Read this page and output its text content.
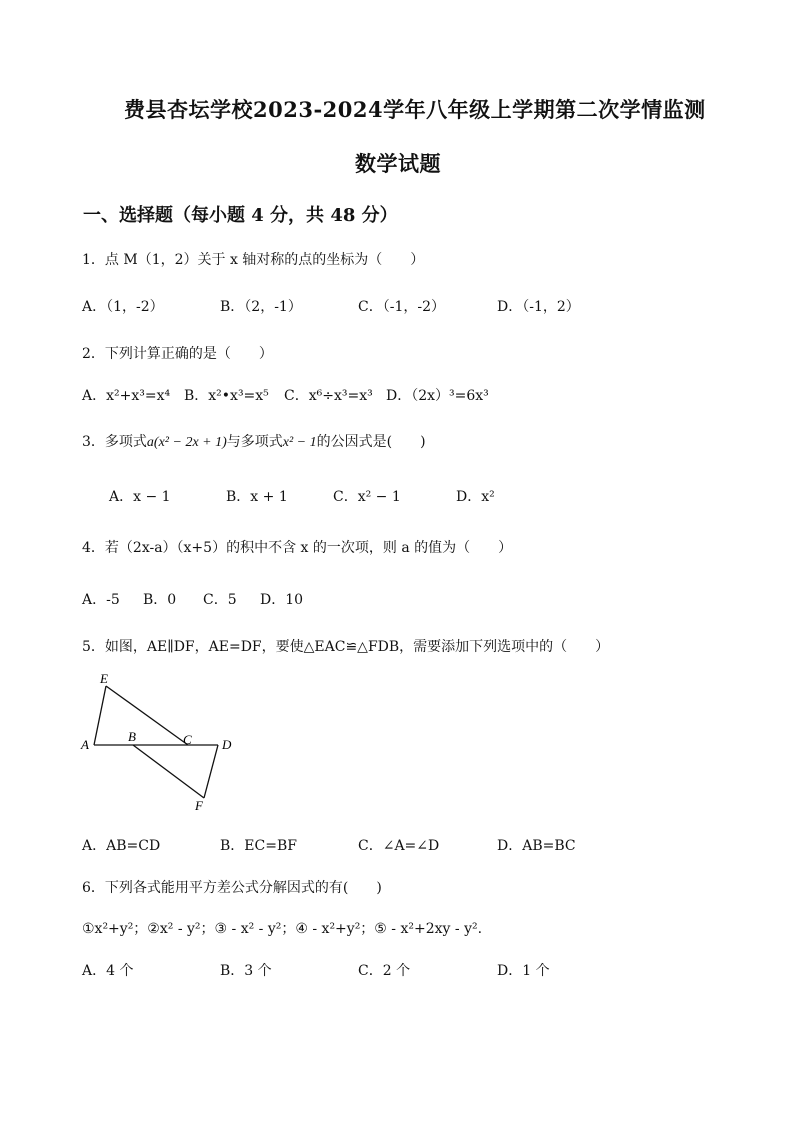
费县杏坛学校2023-2024学年八年级上学期第二次学情监测
数学试题
一、选择题（每小题 4 分，共 48 分）
1．点 M（1，2）关于 x 轴对称的点的坐标为（　　）
A．（1，-2）	B．（2，-1）	C．（-1，-2）	D．（-1，2）
2．下列计算正确的是（　　）
A．x²+x³=x⁴ B．x²•x³=x⁵ C．x⁶÷x³=x³ D．（2x）³=6x³
3．多项式a(x² − 2x + 1)与多项式x² − 1的公因式是(　　)
A．x − 1	B．x + 1	C．x² − 1	D．x²
4．若（2x-a）（x+5）的积中不含 x 的一次项，则 a 的值为（　　）
A．-5 B．0 C．5 D．10
5．如图，AE∥DF，AE=DF，要使△EAC≌△FDB，需要添加下列选项中的（　　）
E
A
B	C D
F
A．AB=CD	B．EC=BF	C．∠A=∠D	D．AB=BC
6．下列各式能用平方差公式分解因式的有(　　)
①x²+y²；②x² - y²；③ - x² - y²；④ - x²+y²；⑤ - x²+2xy - y².
A．4 个	B．3 个	C．2 个	D．1 个
